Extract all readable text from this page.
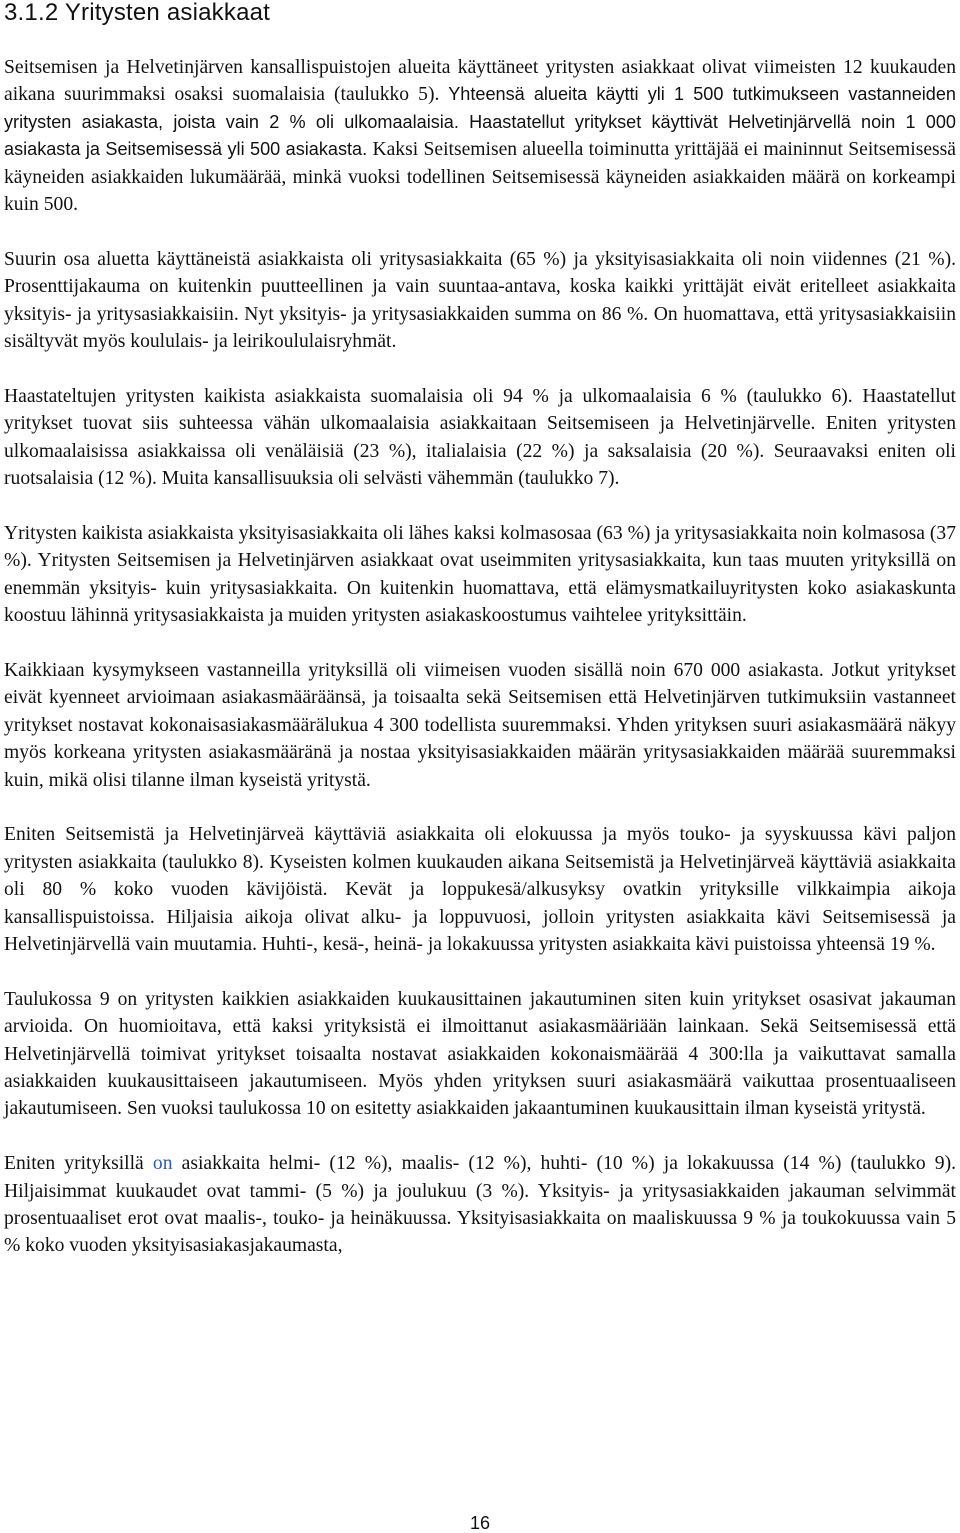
3.1.2 Yritysten asiakkaat

Seitsemisen ja Helvetinjärven kansallispuistojen alueita käyttäneet yritysten asiakkaat olivat viimeisten 12 kuukauden aikana suurimmaksi osaksi suomalaisia (taulukko 5). Yhteensä alueita käytti yli 1 500 tutkimukseen vastanneiden yritysten asiakasta, joista vain 2 % oli ulkomaalaisia. Haastatellut yritykset käyttivät Helvetinjärvellä noin 1 000 asiakasta ja Seitsemisessä yli 500 asiakasta. Kaksi Seitsemisen alueella toiminutta yrittäjää ei maininnut Seitsemisessä käyneiden asiakkaiden lukumäärää, minkä vuoksi todellinen Seitsemisessä käyneiden asiakkaiden määrä on korkeampi kuin 500.

Suurin osa aluetta käyttäneistä asiakkaista oli yritysasiakkaita (65 %) ja yksityisasiakkaita oli noin viidennes (21 %). Prosenttijakauma on kuitenkin puutteellinen ja vain suuntaa-antava, koska kaikki yrittäjät eivät eritelleet asiakkaita yksityis- ja yritysasiakkaisiin. Nyt yksityis- ja yritysasiakkaiden summa on 86 %. On huomattava, että yritysasiakkaisiin sisältyvät myös koululais- ja leirikoululaisryhmät.

Haastateltujen yritysten kaikista asiakkaista suomalaisia oli 94 % ja ulkomaalaisia 6 % (taulukko 6). Haastatellut yritykset tuovat siis suhteessa vähän ulkomaalaisia asiakkaitaan Seitsemiseen ja Helvetinjärvelle. Eniten yritysten ulkomaalaisissa asiakkaissa oli venäläisiä (23 %), italialaisia (22 %) ja saksalaisia (20 %). Seuraavaksi eniten oli ruotsalaisia (12 %). Muita kansallisuuksia oli selvästi vähemmän (taulukko 7).

Yritysten kaikista asiakkaista yksityisasiakkaita oli lähes kaksi kolmasosaa (63 %) ja yritysasiakkaita noin kolmasosa (37 %). Yritysten Seitsemisen ja Helvetinjärven asiakkaat ovat useimmiten yritysasiakkaita, kun taas muuten yrityksillä on enemmän yksityis- kuin yritysasiakkaita. On kuitenkin huomattava, että elämysmatkailuyritysten koko asiakaskunta koostuu lähinnä yritysasiakkaista ja muiden yritysten asiakaskoostumus vaihtelee yrityksittäin.

Kaikkiaan kysymykseen vastanneilla yrityksillä oli viimeisen vuoden sisällä noin 670 000 asiakasta. Jotkut yritykset eivät kyenneet arvioimaan asiakasmääräänsä, ja toisaalta sekä Seitsemisen että Helvetinjärven tutkimuksiin vastanneet yritykset nostavat kokonaisasiakasmäärälukua 4 300 todellista suuremmaksi. Yhden yrityksen suuri asiakasmäärä näkyy myös korkeana yritysten asiakasmääränä ja nostaa yksityisasiakkaiden määrän yritysasiakkaiden määrää suuremmaksi kuin, mikä olisi tilanne ilman kyseistä yritystä.

Eniten Seitsemistä ja Helvetinjärveä käyttäviä asiakkaita oli elokuussa ja myös touko- ja syyskuussa kävi paljon yritysten asiakkaita (taulukko 8). Kyseisten kolmen kuukauden aikana Seitsemistä ja Helvetinjärveä käyttäviä asiakkaita oli 80 % koko vuoden kävijöistä. Kevät ja loppukesä/alkusyksy ovatkin yrityksille vilkkaimpia aikoja kansallispuistoissa. Hiljaisia aikoja olivat alku- ja loppuvuosi, jolloin yritysten asiakkaita kävi Seitsemisessä ja Helvetinjärvellä vain muutamia. Huhti-, kesä-, heinä- ja lokakuussa yritysten asiakkaita kävi puistoissa yhteensä 19 %.

Taulukossa 9 on yritysten kaikkien asiakkaiden kuukausittainen jakautuminen siten kuin yritykset osasivat jakauman arvioida. On huomioitava, että kaksi yrityksistä ei ilmoittanut asiakasmääriään lainkaan. Sekä Seitsemisessä että Helvetinjärvellä toimivat yritykset toisaalta nostavat asiakkaiden kokonaismäärää 4 300:lla ja vaikuttavat samalla asiakkaiden kuukausittaiseen jakautumiseen. Myös yhden yrityksen suuri asiakasmäärä vaikuttaa prosentuaaliseen jakautumiseen. Sen vuoksi taulukossa 10 on esitetty asiakkaiden jakaantuminen kuukausittain ilman kyseistä yritystä.

Eniten yrityksillä on asiakkaita helmi- (12 %), maalis- (12 %), huhti- (10 %) ja lokakuussa (14 %) (taulukko 9). Hiljaisimmat kuukaudet ovat tammi- (5 %) ja joulukuu (3 %). Yksityis- ja yritysasiakkaiden jakauman selvimmät prosentuaaliset erot ovat maalis-, touko- ja heinäkuussa. Yksityisasiakkaita on maaliskuussa 9 % ja toukokuussa vain 5 % koko vuoden yksityisasiakasjakaumasta,

16
